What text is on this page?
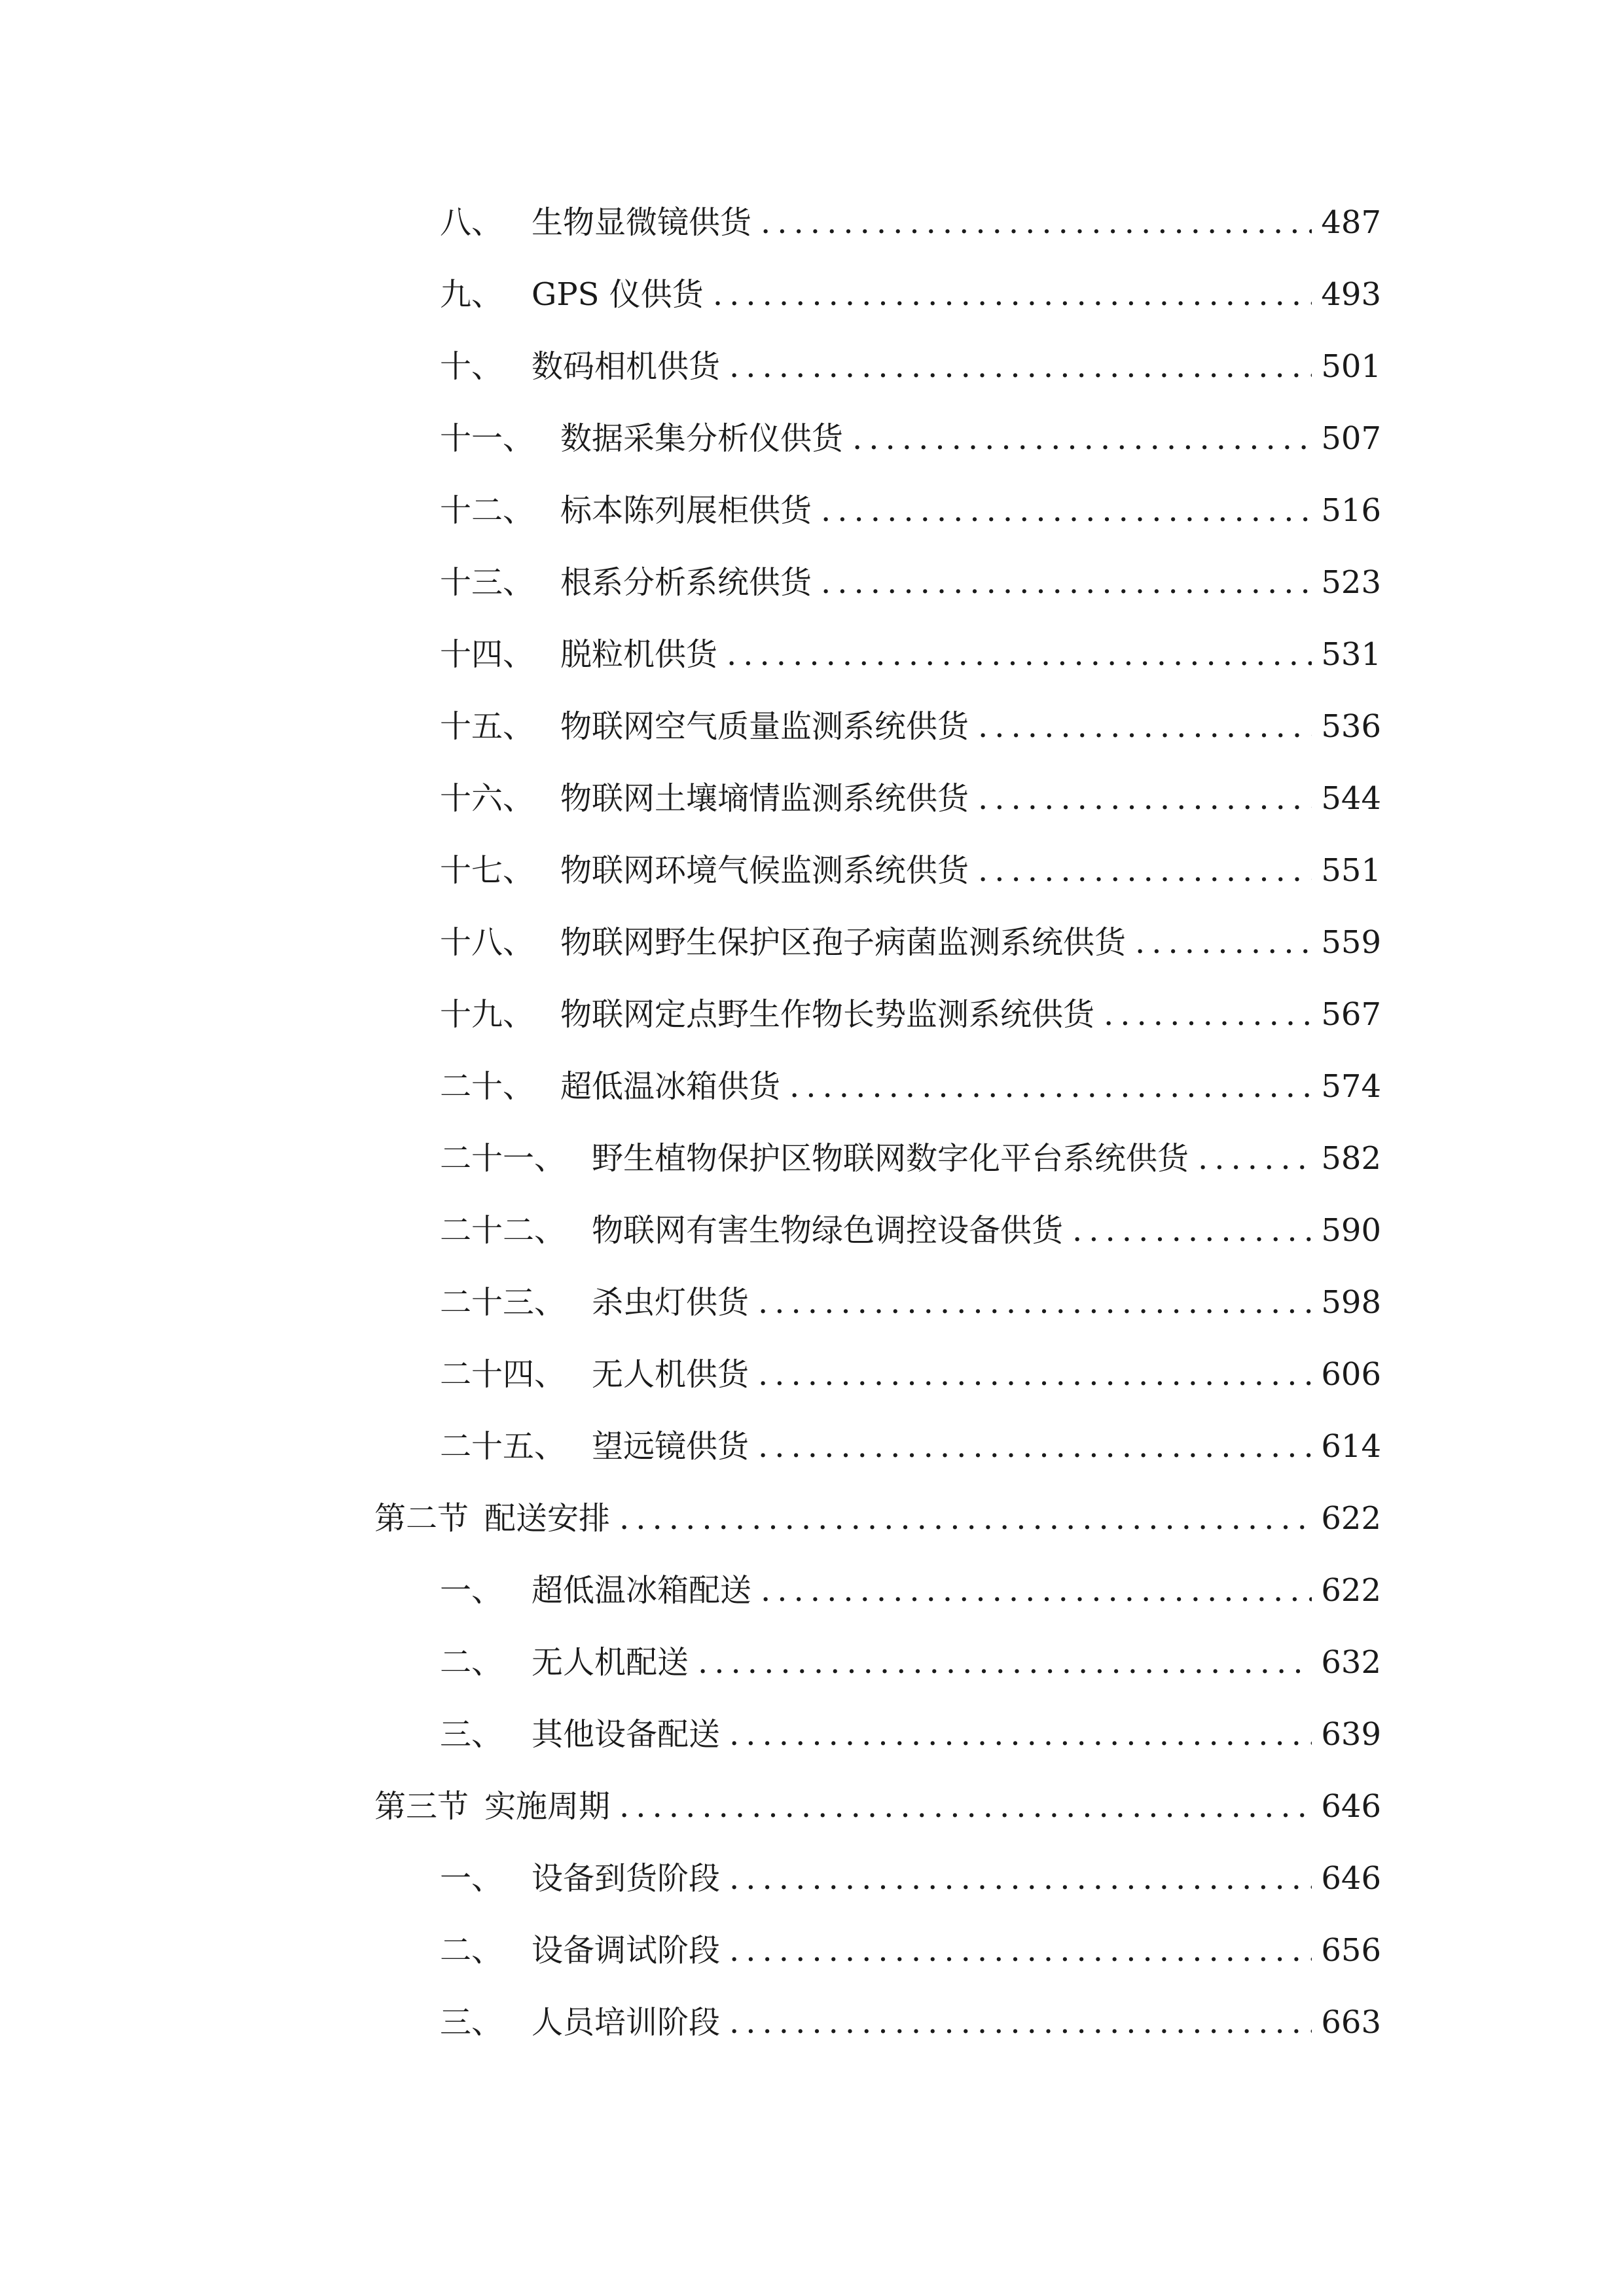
八、 生物显微镜供货 .....	487
九、 GPS 仪供货 .....	493
十、 数码相机供货 .....	501
十一、 数据采集分析仪供货 .....	507
十二、 标本陈列展柜供货 .....	516
十三、 根系分析系统供货 .....	523
十四、 脱粒机供货 .....	531
十五、 物联网空气质量监测系统供货 .....	536
十六、 物联网土壤墒情监测系统供货 .....	544
十七、 物联网环境气候监测系统供货 .....	551
十八、 物联网野生保护区孢子病菌监测系统供货 .....	559
十九、 物联网定点野生作物长势监测系统供货 .....	567
二十、 超低温冰箱供货 .....	574
二十一、 野生植物保护区物联网数字化平台系统供货 .....	582
二十二、 物联网有害生物绿色调控设备供货 .....	590
二十三、 杀虫灯供货 .....	598
二十四、 无人机供货 .....	606
二十五、 望远镜供货 .....	614
第二节 配送安排 .....	622
一、 超低温冰箱配送 .....	622
二、 无人机配送 .....	632
三、 其他设备配送 .....	639
第三节 实施周期 .....	646
一、 设备到货阶段 .....	646
二、 设备调试阶段 .....	656
三、 人员培训阶段 .....	663
